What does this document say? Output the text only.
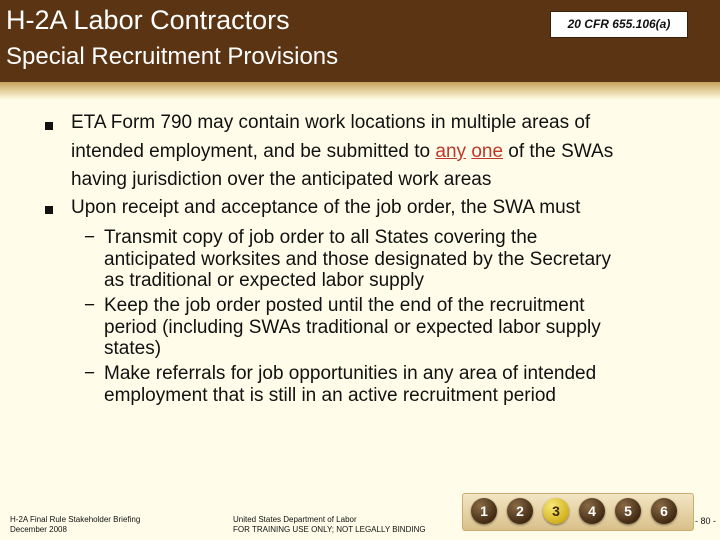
H-2A Labor Contractors
Special Recruitment Provisions
20 CFR 655.106(a)
ETA Form 790 may contain work locations in multiple areas of
intended employment, and be submitted to any one of the SWAs
having jurisdiction over the anticipated work areas
Upon receipt and acceptance of the job order, the SWA must
− Transmit copy of job order to all States covering the
anticipated worksites and those designated by the Secretary
as traditional or expected labor supply
− Keep the job order posted until the end of the recruitment
period (including SWAs traditional or expected labor supply
states)
− Make referrals for job opportunities in any area of intended
employment that is still in an active recruitment period
H-2A Final Rule Stakeholder Briefing
December 2008
United States Department of Labor
FOR TRAINING USE ONLY; NOT LEGALLY BINDING
1	2	3	4	5	6
- 80 -
